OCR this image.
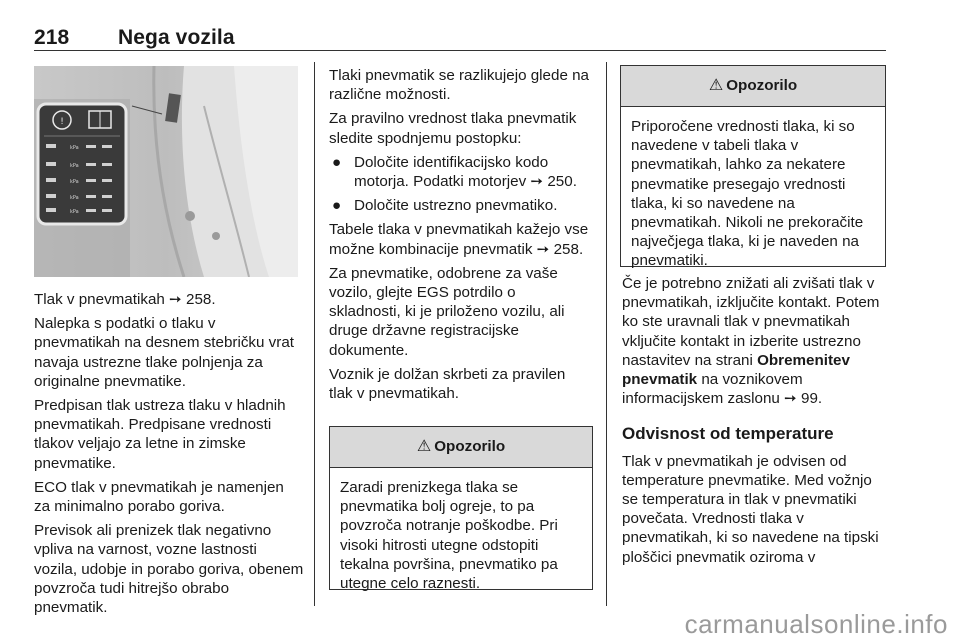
218 Nega vozila
!
kPa
kPa
kPa
kPa
kPa

Tlak v pnevmatikah ➙ 258.

Nalepka s podatki o tlaku v pnevmatikah na desnem stebričku vrat navaja ustrezne tlake polnjenja za originalne pnevmatike.

Predpisan tlak ustreza tlaku v hladnih pnevmatikah. Predpisane vrednosti tlakov veljajo za letne in zimske pnevmatike.

ECO tlak v pnevmatikah je namenjen za minimalno porabo goriva.

Previsok ali prenizek tlak negativno vpliva na varnost, vozne lastnosti vozila, udobje in porabo goriva, obenem povzroča tudi hitrejšo obrabo pnevmatik.

Tlaki pnevmatik se razlikujejo glede na različne možnosti.

Za pravilno vrednost tlaka pnevmatik sledite spodnjemu postopku:

● Določite identifikacijsko kodo motorja. Podatki motorjev ➙ 250.
● Določite ustrezno pnevmatiko.

Tabele tlaka v pnevmatikah kažejo vse možne kombinacije pnevmatik ➙ 258.

Za pnevmatike, odobrene za vaše vozilo, glejte EGS potrdilo o skladnosti, ki je priloženo vozilu, ali druge državne registracijske dokumente.

Voznik je dolžan skrbeti za pravilen tlak v pnevmatikah.

⚠ Opozorilo
Zaradi prenizkega tlaka se pnevmatika bolj ogreje, to pa povzroča notranje poškodbe. Pri visoki hitrosti utegne odstopiti tekalna površina, pnevmatiko pa utegne celo raznesti.
⚠ Opozorilo
Priporočene vrednosti tlaka, ki so navedene v tabeli tlaka v pnevmatikah, lahko za nekatere pnevmatike presegajo vrednosti tlaka, ki so navedene na pnevmatikah. Nikoli ne prekoračite največjega tlaka, ki je naveden na pnevmatiki.

Če je potrebno znižati ali zvišati tlak v pnevmatikah, izključite kontakt. Potem ko ste uravnali tlak v pnevmatikah vključite kontakt in izberite ustrezno nastavitev na strani Obremenitev pnevmatik na voznikovem informacijskem zaslonu ➙ 99.

Odvisnost od temperature

Tlak v pnevmatikah je odvisen od temperature pnevmatike. Med vožnjo se temperatura in tlak v pnevmatiki povečata. Vrednosti tlaka v pnevmatikah, ki so navedene na tipski ploščici pnevmatik oziroma v

carmanualsonline.info
